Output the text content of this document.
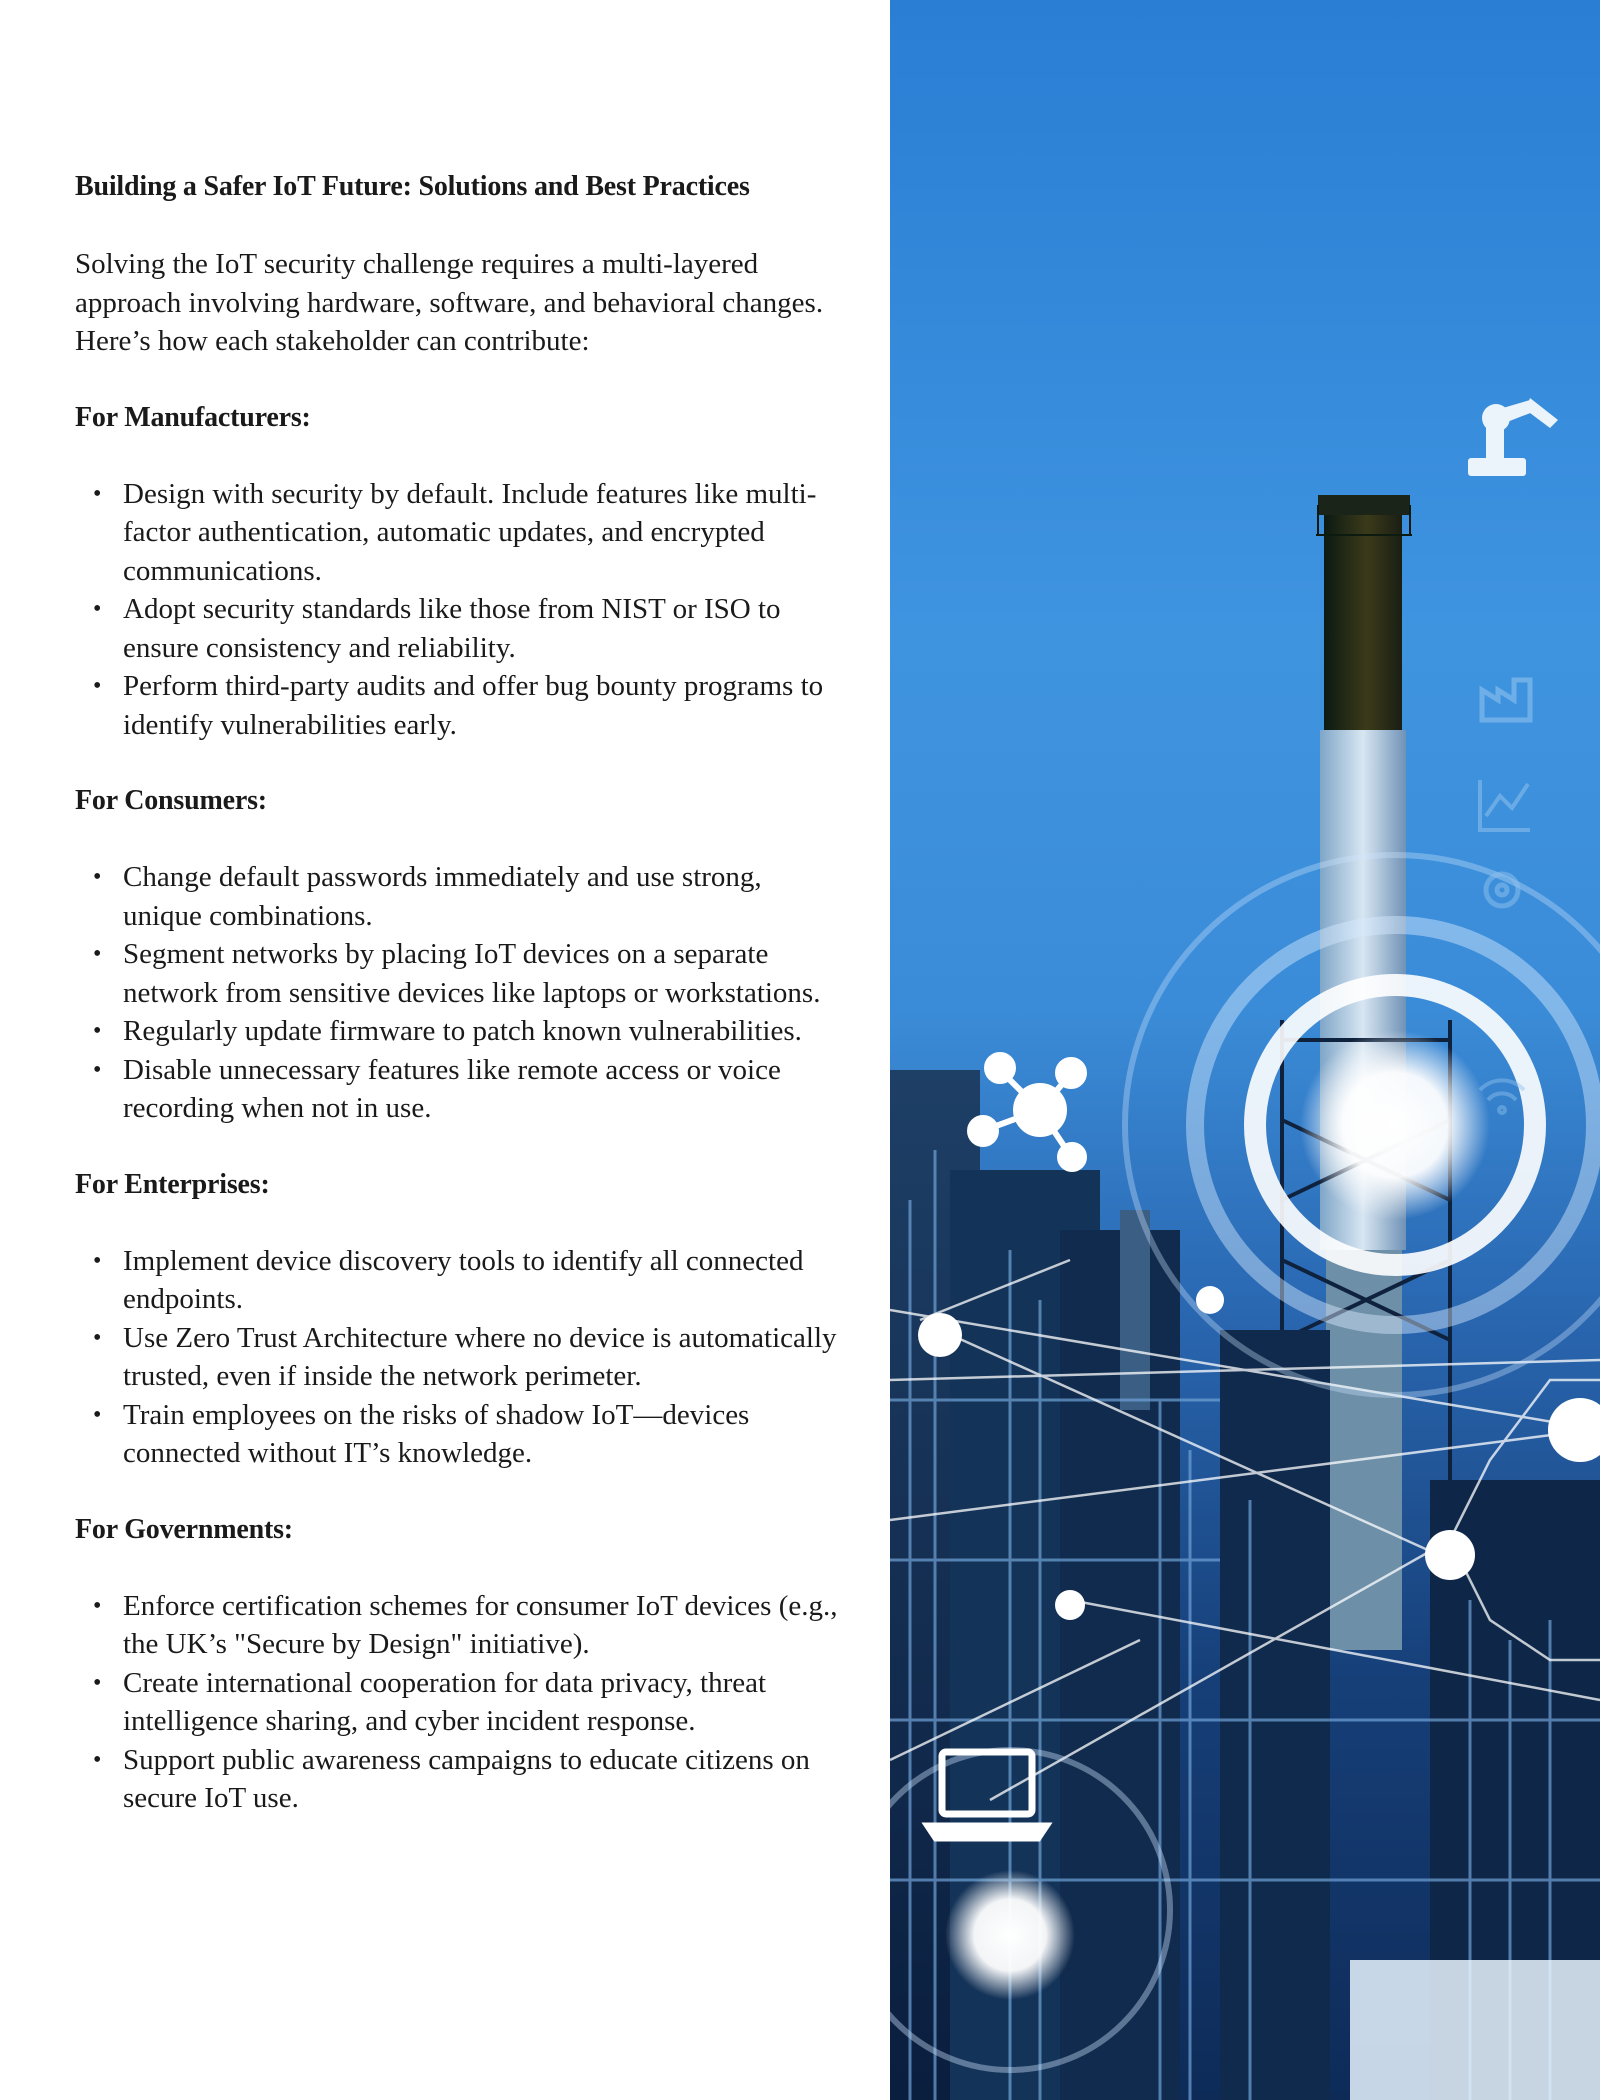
Building a Safer IoT Future: Solutions and Best Practices
Solving the IoT security challenge requires a multi-layered approach involving hardware, software, and behavioral changes. Here’s how each stakeholder can contribute:
For Manufacturers:
• Design with security by default. Include features like multi-factor authentication, automatic updates, and encrypted communications.
• Adopt security standards like those from NIST or ISO to ensure consistency and reliability.
• Perform third-party audits and offer bug bounty programs to identify vulnerabilities early.
For Consumers:
• Change default passwords immediately and use strong, unique combinations.
• Segment networks by placing IoT devices on a separate network from sensitive devices like laptops or workstations.
• Regularly update firmware to patch known vulnerabilities.
• Disable unnecessary features like remote access or voice recording when not in use.
For Enterprises:
• Implement device discovery tools to identify all connected endpoints.
• Use Zero Trust Architecture where no device is automatically trusted, even if inside the network perimeter.
• Train employees on the risks of shadow IoT—devices connected without IT’s knowledge.
For Governments:
• Enforce certification schemes for consumer IoT devices (e.g., the UK’s "Secure by Design" initiative).
• Create international cooperation for data privacy, threat intelligence sharing, and cyber incident response.
• Support public awareness campaigns to educate citizens on secure IoT use.
